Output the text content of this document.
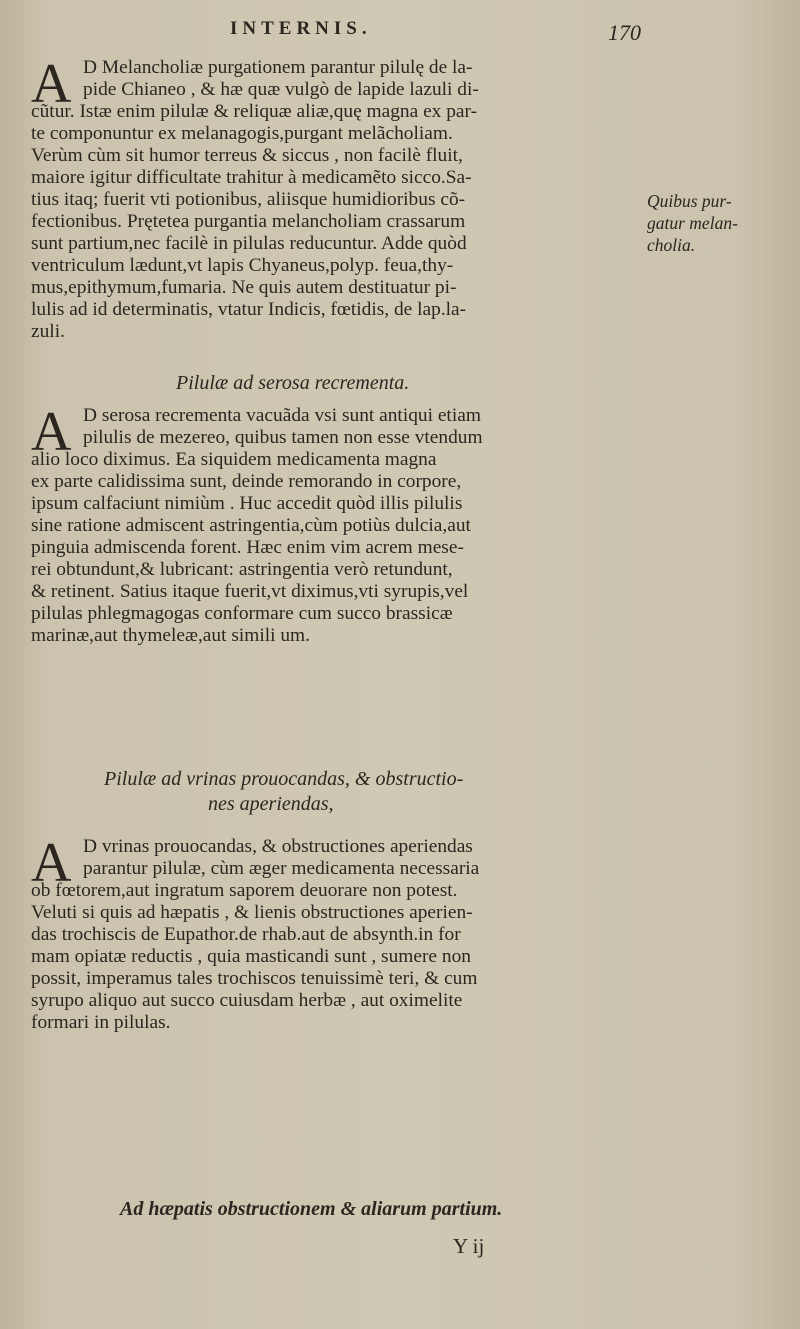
INTERNIS.	170
A D Melancholiæ purgationem parantur pilulę de la-
pide Chianeo , & hæ quæ vulgò de lapide lazuli di-
cũtur. Istæ enim pilulæ & reliquæ aliæ,quę magna ex par-
te componuntur ex melanagogis,purgant melãcholiam.
Verùm cùm sit humor terreus & siccus , non facilè fluit,
maiore igitur difficultate trahitur à medicamẽto sicco.Sa-
tius itaq; fuerit vti potionibus, aliisque humidioribus cõ-
fectionibus. Prętetea purgantia melancholiam crassarum
sunt partium,nec facilè in pilulas reducuntur. Adde quòd
ventriculum lædunt,vt lapis Chyaneus,polyp. feua,thy-
mus,epithymum,fumaria. Ne quis autem destituatur pi-
lulis ad id determinatis, vtatur Indicis, fœtidis, de lap.la-
zuli.
Quibus pur-
gatur melan-
cholia.
Pilulæ ad serosa recrementa.
A D serosa recrementa vacuãda vsi sunt antiqui etiam
pilulis de mezereo, quibus tamen non esse vtendum
alio loco diximus. Ea siquidem medicamenta magna
ex parte calidissima sunt, deinde remorando in corpore,
ipsum calfaciunt nimiùm . Huc accedit quòd illis pilulis
sine ratione admiscent astringentia,cùm potiùs dulcia,aut
pinguia admiscenda forent. Hæc enim vim acrem mese-
rei obtundunt,& lubricant: astringentia verò retundunt,
& retinent. Satius itaque fuerit,vt diximus,vti syrupis,vel
pilulas phlegmagogas conformare cum succo brassicæ
marinæ,aut thymeleæ,aut simili um.
Pilulæ ad vrinas prouocandas, & obstructio-
nes aperiendas,
A D vrinas prouocandas, & obstructiones aperiendas
parantur pilulæ, cùm æger medicamenta necessaria
ob fœtorem,aut ingratum saporem deuorare non potest.
Veluti si quis ad hæpatis , & lienis obstructiones aperien-
das trochiscis de Eupathor.de rhab.aut de absynth.in for
mam opiatæ reductis , quia masticandi sunt , sumere non
possit, imperamus tales trochiscos tenuissimè teri, & cum
syrupo aliquo aut succo cuiusdam herbæ , aut oximelite
formari in pilulas.
Ad hæpatis obstructionem & aliarum partium.
Y ij
